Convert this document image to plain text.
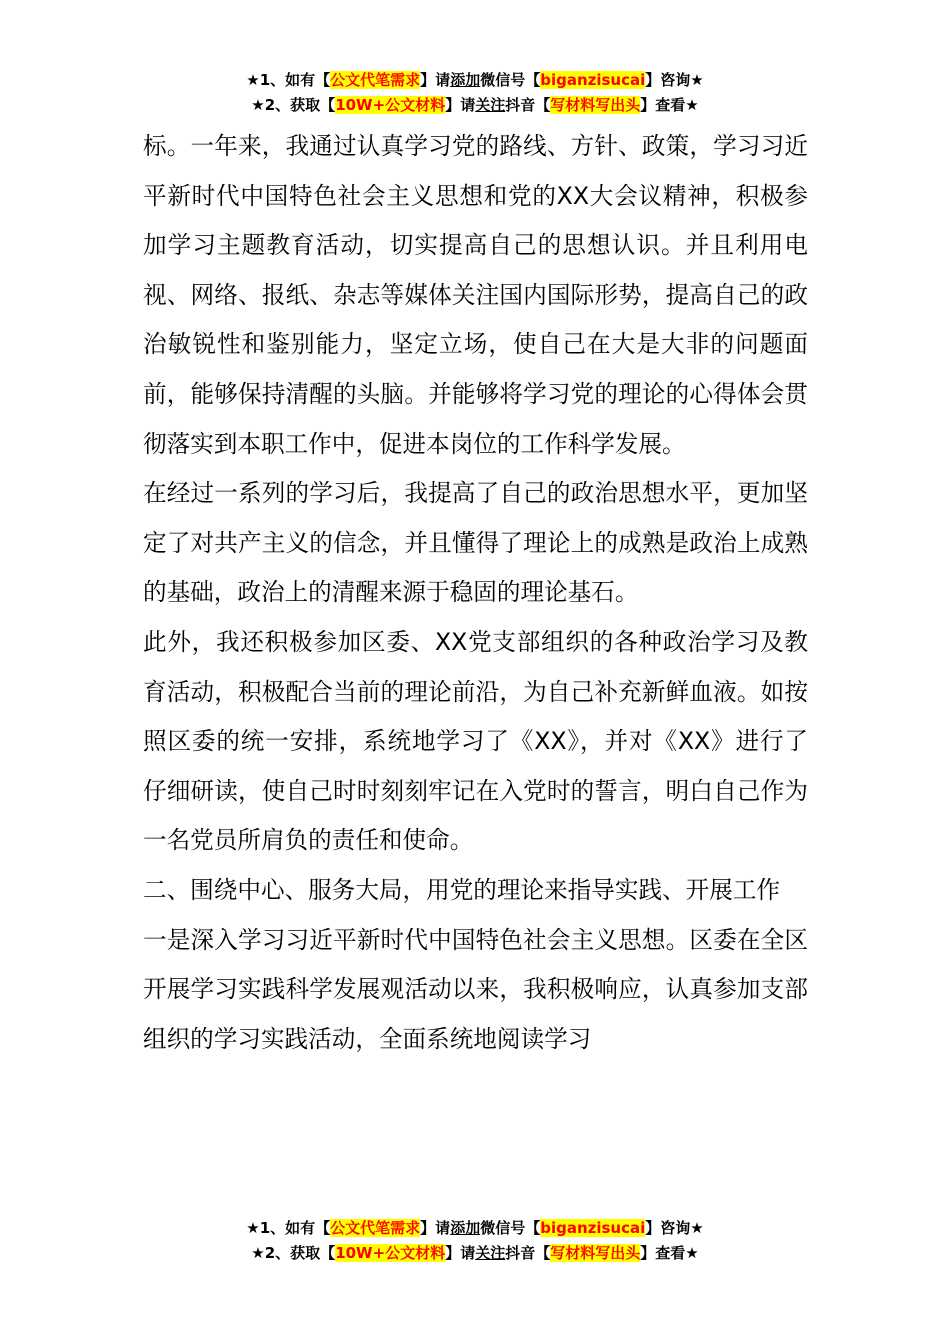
★1、如有【公文代笔需求】请添加微信号【biganzisucai】咨询★
★2、获取【10W+公文材料】请关注抖音【写材料写出头】查看★

标。一年来，我通过认真学习党的路线、方针、政策，学习习近平新时代中国特色社会主义思想和党的XX大会议精神，积极参加学习主题教育活动，切实提高自己的思想认识。并且利用电视、网络、报纸、杂志等媒体关注国内国际形势，提高自己的政治敏锐性和鉴别能力，坚定立场，使自己在大是大非的问题面前，能够保持清醒的头脑。并能够将学习党的理论的心得体会贯彻落实到本职工作中，促进本岗位的工作科学发展。

在经过一系列的学习后，我提高了自己的政治思想水平，更加坚定了对共产主义的信念，并且懂得了理论上的成熟是政治上成熟的基础，政治上的清醒来源于稳固的理论基石。

此外，我还积极参加区委、XX党支部组织的各种政治学习及教育活动，积极配合当前的理论前沿，为自己补充新鲜血液。如按照区委的统一安排，系统地学习了《XX》，并对《XX》进行了仔细研读，使自己时时刻刻牢记在入党时的誓言，明白自己作为一名党员所肩负的责任和使命。

二、围绕中心、服务大局，用党的理论来指导实践、开展工作

一是深入学习习近平新时代中国特色社会主义思想。区委在全区开展学习实践科学发展观活动以来，我积极响应，认真参加支部组织的学习实践活动，全面系统地阅读学习

★1、如有【公文代笔需求】请添加微信号【biganzisucai】咨询★
★2、获取【10W+公文材料】请关注抖音【写材料写出头】查看★
